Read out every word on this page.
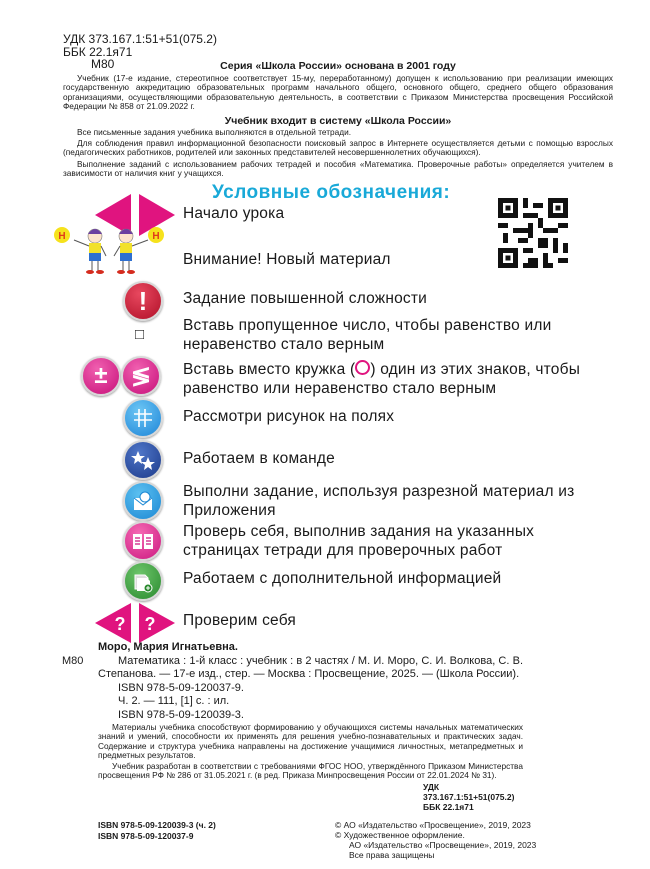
УДК 373.167.1:51+51(075.2)
ББК 22.1я71
М80	Серия «Школа России» основана в 2001 году
Учебник (17-е издание, стереотипное соответствует 15-му, переработанному) допущен к использованию при реализации имеющих государственную аккредитацию образовательных программ начального общего, основного общего, среднего общего образования организациями, осуществляющими образовательную деятельность, в соответствии с Приказом Министерства просвещения Российской Федерации № 858 от 21.09.2022 г.
Учебник входит в систему «Школа России»
Все письменные задания учебника выполняются в отдельной тетради.
Для соблюдения правил информационной безопасности поисковый запрос в Интернете осуществляется детьми с помощью взрослых (педагогических работников, родителей или законных представителей несовершеннолетних обучающихся).
Выполнение заданий с использованием рабочих тетрадей и пособия «Математика. Проверочные работы» определяется учителем в зависимости от наличия книг у учащихся.
Условные обозначения:
Н	Н
!
□
± ≶
? ?
Начало урока
Внимание! Новый материал
Задание повышенной сложности
Вставь пропущенное число, чтобы равенство или неравенство стало верным
Вставь вместо кружка ( ) один из этих знаков, чтобы равенство или неравенство стало верным
Рассмотри рисунок на полях
Работаем в команде
Выполни задание, используя разрезной материал из Приложения
Проверь себя, выполнив задания на указанных страницах тетради для проверочных работ
Работаем с дополнительной информацией
Проверим себя
Моро, Мария Игнатьевна.
М80	Математика : 1-й класс : учебник : в 2 частях / М. И. Моро, С. И. Волкова, С. В. Степанова. — 17-е изд., стер. — Москва : Просвещение, 2025. — (Школа России).
ISBN 978-5-09-120037-9.
Ч. 2. — 111, [1] с. : ил.
ISBN 978-5-09-120039-3.
Материалы учебника способствуют формированию у обучающихся системы начальных математических знаний и умений, способности их применять для решения учебно-познавательных и практических задач. Содержание и структура учебника направлены на достижение учащимися личностных, метапредметных и предметных результатов.
Учебник разработан в соответствии с требованиями ФГОС НОО, утверждённого Приказом Министерства просвещения РФ № 286 от 31.05.2021 г. (в ред. Приказа Минпросвещения России от 22.01.2024 № 31).
УДК 373.167.1:51+51(075.2)
ББК 22.1я71
ISBN 978-5-09-120039-3 (ч. 2)
ISBN 978-5-09-120037-9
© АО «Издательство «Просвещение», 2019, 2023
© Художественное оформление.
АО «Издательство «Просвещение», 2019, 2023
Все права защищены
